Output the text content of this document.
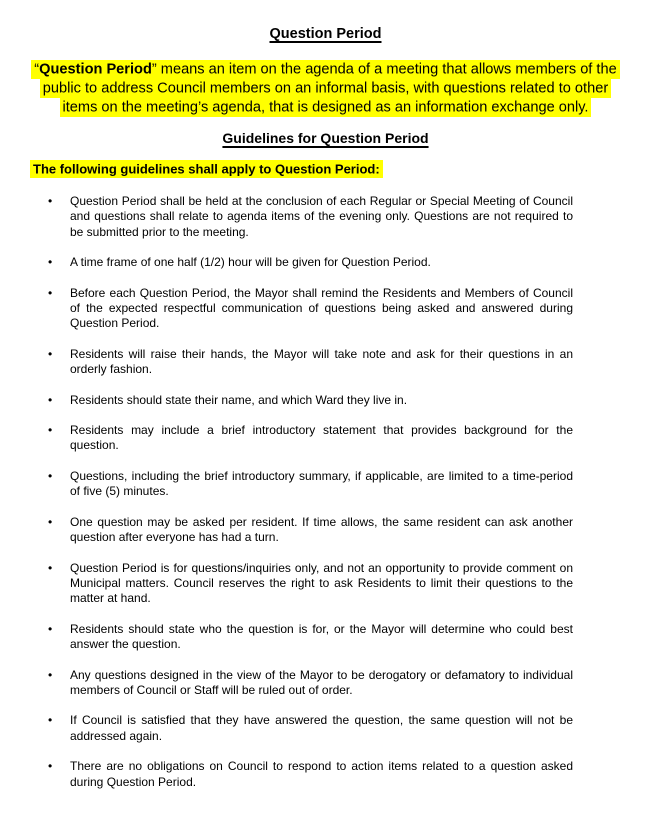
Question Period
“Question Period” means an item on the agenda of a meeting that allows members of the
public to address Council members on an informal basis, with questions related to other
items on the meeting’s agenda, that is designed as an information exchange only.
Guidelines for Question Period
The following guidelines shall apply to Question Period:
• Question Period shall be held at the conclusion of each Regular or Special Meeting of Council and questions shall relate to agenda items of the evening only. Questions are not required to be submitted prior to the meeting.
• A time frame of one half (1/2) hour will be given for Question Period.
• Before each Question Period, the Mayor shall remind the Residents and Members of Council of the expected respectful communication of questions being asked and answered during Question Period.
• Residents will raise their hands, the Mayor will take note and ask for their questions in an orderly fashion.
• Residents should state their name, and which Ward they live in.
• Residents may include a brief introductory statement that provides background for the question.
• Questions, including the brief introductory summary, if applicable, are limited to a time-period of five (5) minutes.
• One question may be asked per resident. If time allows, the same resident can ask another question after everyone has had a turn.
• Question Period is for questions/inquiries only, and not an opportunity to provide comment on Municipal matters. Council reserves the right to ask Residents to limit their questions to the matter at hand.
• Residents should state who the question is for, or the Mayor will determine who could best answer the question.
• Any questions designed in the view of the Mayor to be derogatory or defamatory to individual members of Council or Staff will be ruled out of order.
• If Council is satisfied that they have answered the question, the same question will not be addressed again.
• There are no obligations on Council to respond to action items related to a question asked during Question Period.
